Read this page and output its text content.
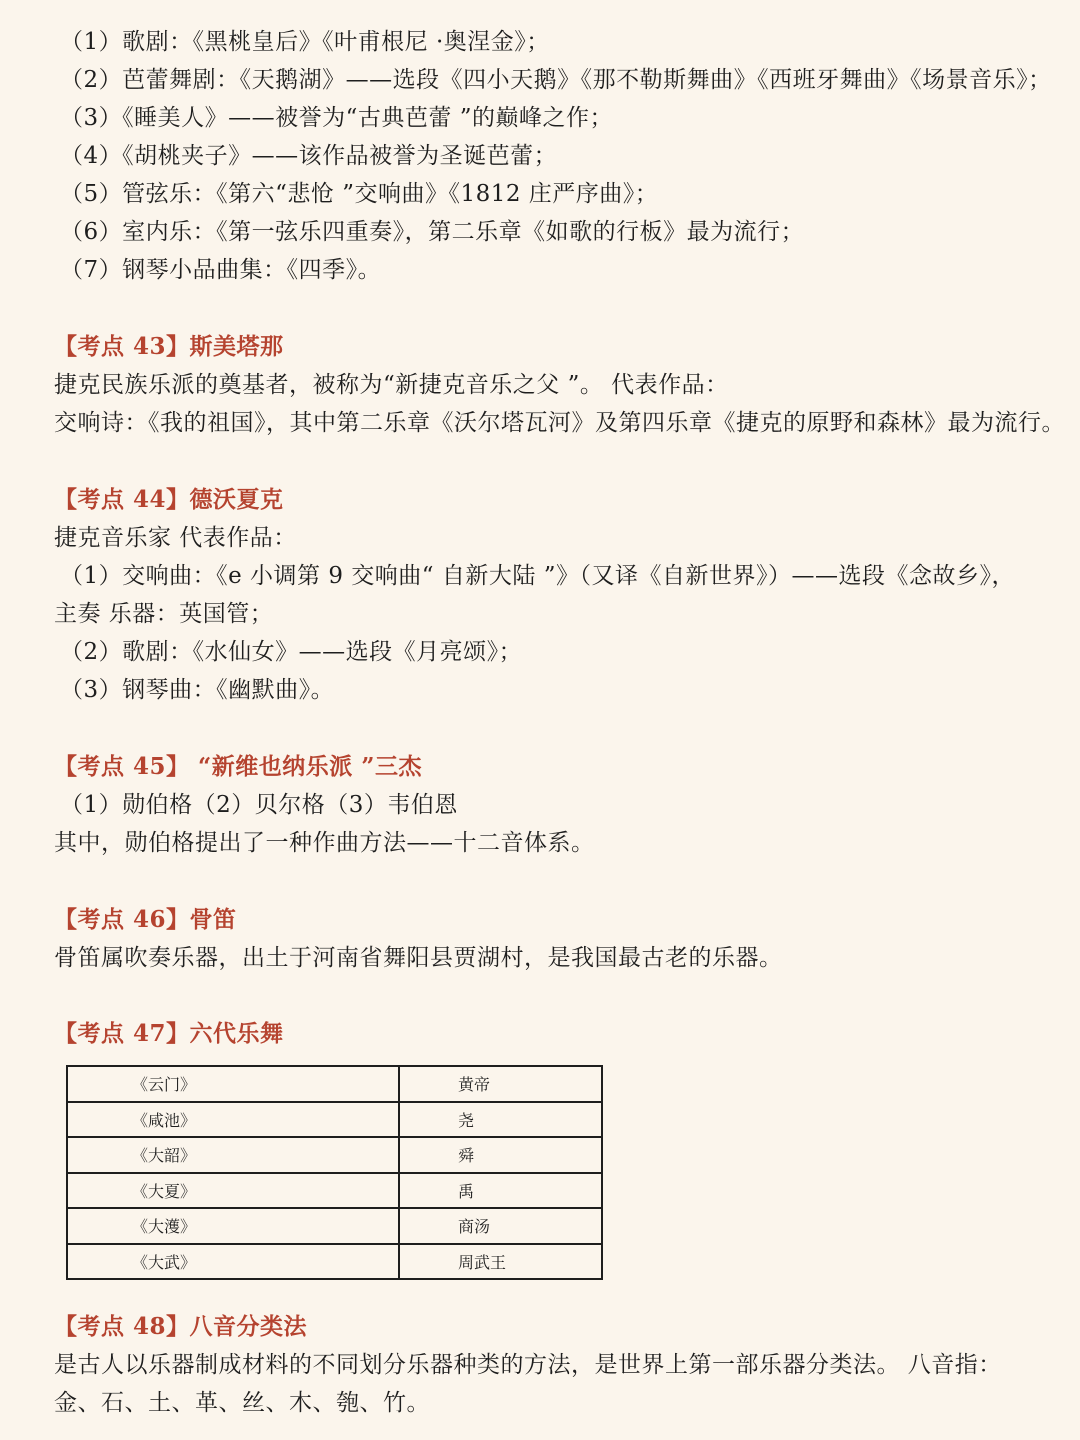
（1）歌剧：《黑桃皇后》《叶甫根尼 ·奥涅金》；
（2）芭蕾舞剧：《天鹅湖》——选段《四小天鹅》《那不勒斯舞曲》《西班牙舞曲》《场景音乐》；
（3）《睡美人》——被誉为“古典芭蕾 ”的巅峰之作；
（4）《胡桃夹子》——该作品被誉为圣诞芭蕾；
（5）管弦乐：《第六“悲怆 ”交响曲》《1812 庄严序曲》；
（6）室内乐：《第一弦乐四重奏》，第二乐章《如歌的行板》最为流行；
（7）钢琴小品曲集：《四季》。
【考点 43】斯美塔那
捷克民族乐派的奠基者，被称为“新捷克音乐之父 ”。 代表作品：
交响诗：《我的祖国》，其中第二乐章《沃尔塔瓦河》及第四乐章《捷克的原野和森林》最为流行。
【考点 44】德沃夏克
捷克音乐家 代表作品：
（1）交响曲：《e 小调第 9 交响曲“ 自新大陆 ”》（又译《自新世界》）——选段《念故乡》，
主奏 乐器：英国管；
（2）歌剧：《水仙女》——选段《月亮颂》；
（3）钢琴曲：《幽默曲》。
【考点 45】 “新维也纳乐派 ”三杰
（1）勋伯格（2）贝尔格（3）韦伯恩
其中，勋伯格提出了一种作曲方法——十二音体系。
【考点 46】骨笛
骨笛属吹奏乐器，出土于河南省舞阳县贾湖村，是我国最古老的乐器。
【考点 47】六代乐舞
《云门》	黄帝
《咸池》	尧
《大韶》	舜
《大夏》	禹
《大濩》	商汤
《大武》	周武王
【考点 48】八音分类法
是古人以乐器制成材料的不同划分乐器种类的方法，是世界上第一部乐器分类法。 八音指：
金、石、土、革、丝、木、匏、竹。
